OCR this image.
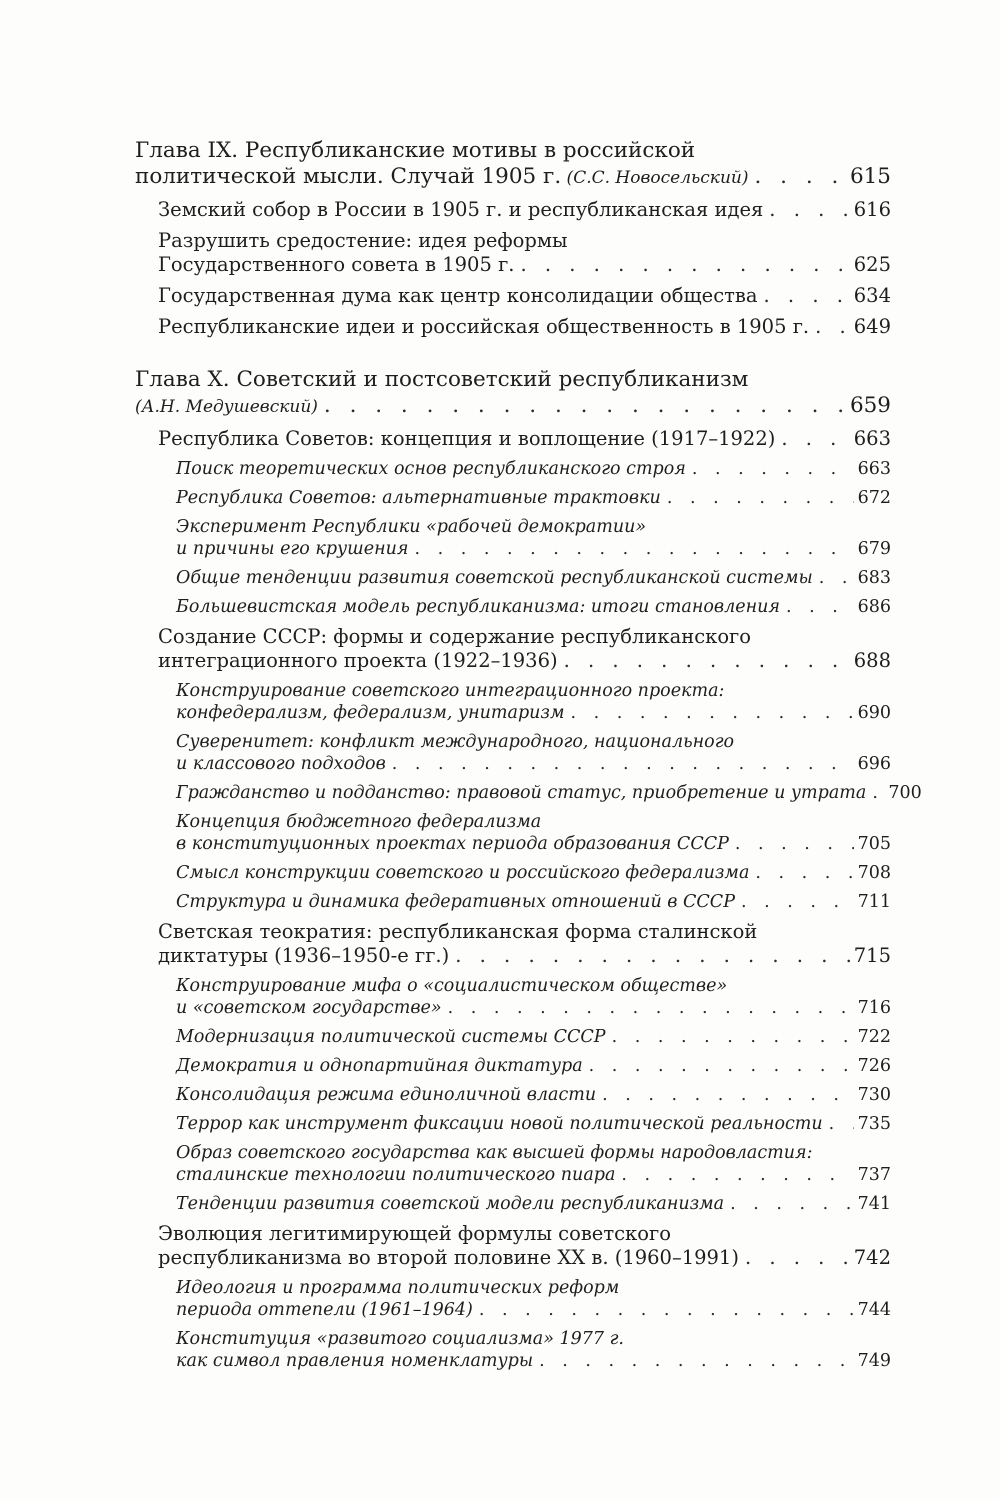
Глава IX. Республиканские мотивы в российской
политической мысли. Случай 1905 г. (С.С. Новосельский) . . .	615
Земский собор в России в 1905 г. и республиканская идея . . .	616
Разрушить средостение: идея реформы
Государственного совета в 1905 г. . . .	625
Государственная дума как центр консолидации общества . . .	634
Республиканские идеи и российская общественность в 1905 г. . . . 649
Глава X. Советский и постсоветский республиканизм
(А.Н. Медушевский) . . .	659
Республика Советов: концепция и воплощение (1917–1922) . . .	663
Поиск теоретических основ республиканского строя . . .	663
Республика Советов: альтернативные трактовки . . .	672
Эксперимент Республики «рабочей демократии»
и причины его крушения . . .	679
Общие тенденции развития советской республиканской системы . . .	683
Большевистская модель республиканизма: итоги становления . . .	686
Создание СССР: формы и содержание республиканского
интеграционного проекта (1922–1936) . . .	688
Конструирование советского интеграционного проекта:
конфедерализм, федерализм, унитаризм . . .	690
Суверенитет: конфликт международного, национального
и классового подходов . . .	696
Гражданство и подданство: правовой статус, приобретение и утрата . . . 700
Концепция бюджетного федерализма
в конституционных проектах периода образования СССР . . .	705
Смысл конструкции советского и российского федерализма . . .	708
Структура и динамика федеративных отношений в СССР . . .	711
Светская теократия: республиканская форма сталинской
диктатуры (1936–1950-е гг.) . . .	715
Конструирование мифа о «социалистическом обществе»
и «советском государстве» . . .	716
Модернизация политической системы СССР . . .	722
Демократия и однопартийная диктатура . . .	726
Консолидация режима единоличной власти . . .	730
Террор как инструмент фиксации новой политической реальности . . . 735
Образ советского государства как высшей формы народовластия:
сталинские технологии политического пиара . . .	737
Тенденции развития советской модели республиканизма . . .	741
Эволюция легитимирующей формулы советского
республиканизма во второй половине XX в. (1960–1991) . . .	742
Идеология и программа политических реформ
периода оттепели (1961–1964) . . .	744
Конституция «развитого социализма» 1977 г.
как символ правления номенклатуры . . .	749
